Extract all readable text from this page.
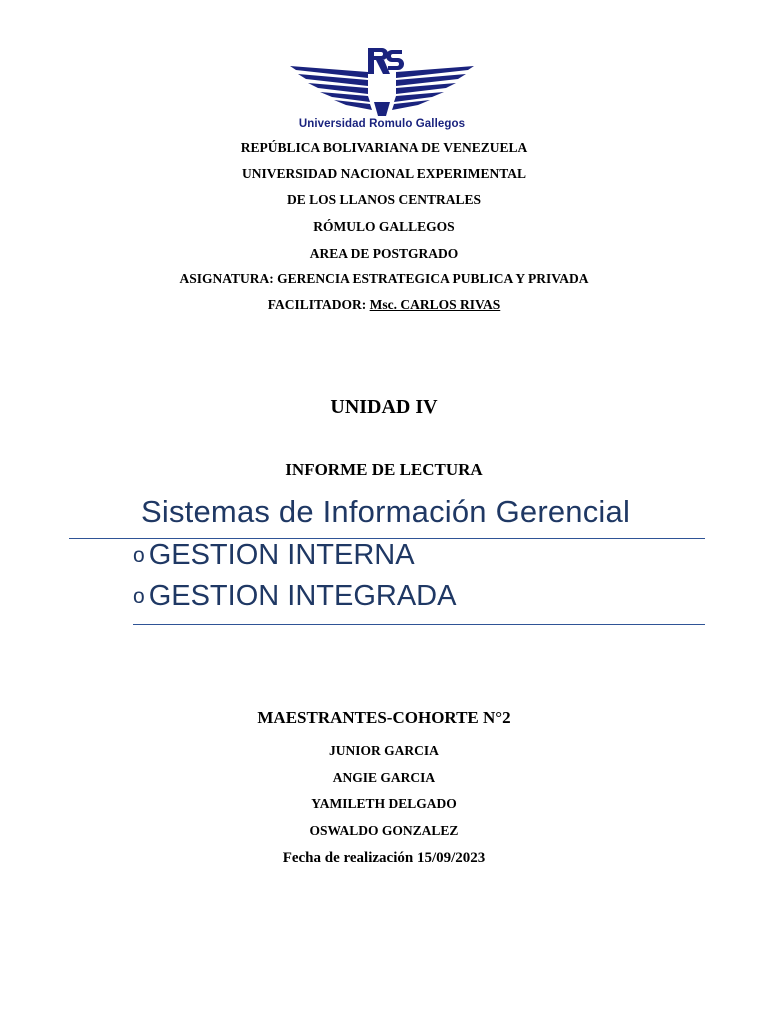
Universidad Romulo Gallegos
REPÚBLICA BOLIVARIANA DE VENEZUELA
UNIVERSIDAD NACIONAL EXPERIMENTAL
DE LOS LLANOS CENTRALES
RÓMULO GALLEGOS
AREA DE POSTGRADO
ASIGNATURA: GERENCIA ESTRATEGICA PUBLICA Y PRIVADA
FACILITADOR: Msc. CARLOS RIVAS
UNIDAD IV
INFORME DE LECTURA
Sistemas de Información Gerencial
o GESTION INTERNA
o GESTION INTEGRADA
MAESTRANTES-COHORTE N°2
JUNIOR GARCIA
ANGIE GARCIA
YAMILETH DELGADO
OSWALDO GONZALEZ
Fecha de realización 15/09/2023
